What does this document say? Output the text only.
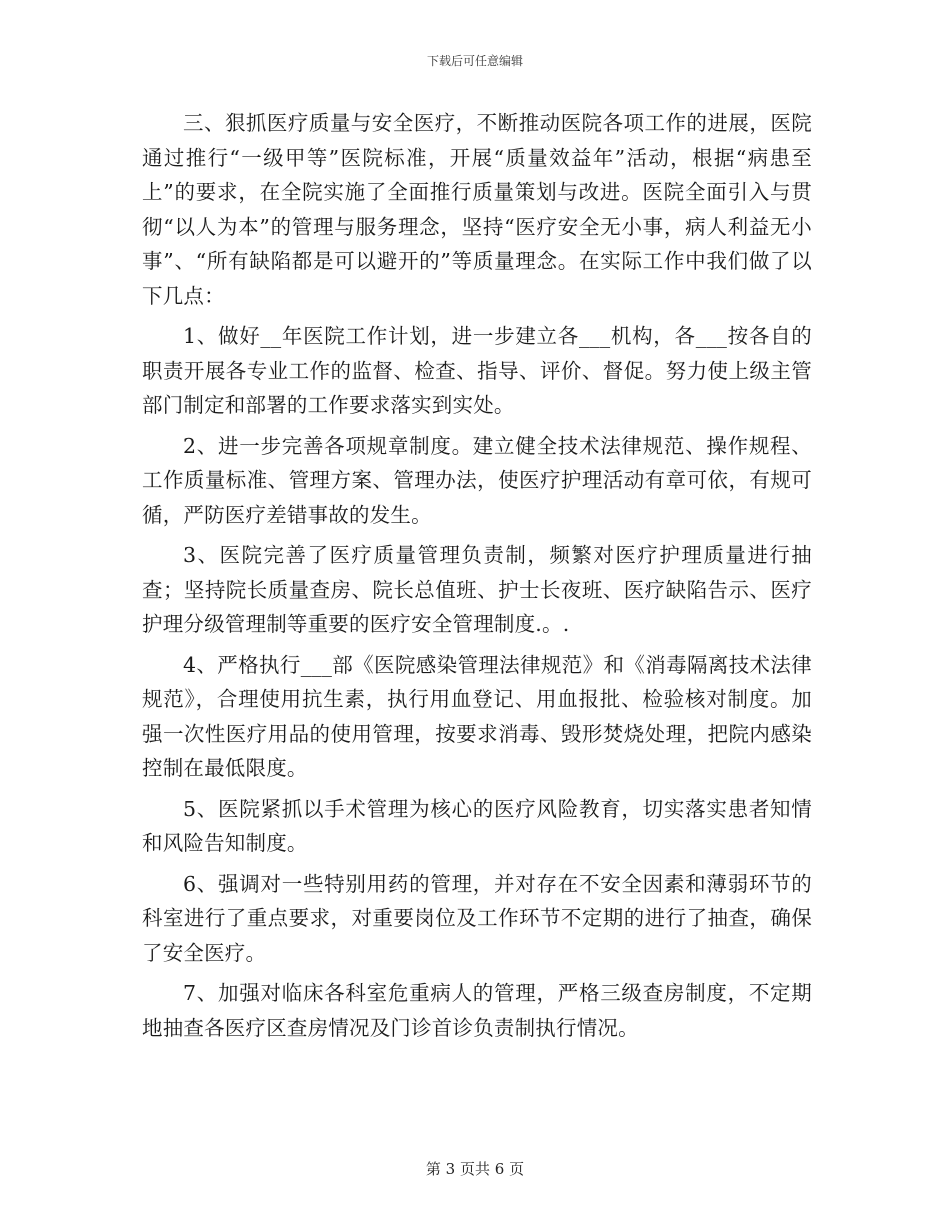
下载后可任意编辑

三、狠抓医疗质量与安全医疗，不断推动医院各项工作的进展，医院通过推行“一级甲等”医院标准，开展“质量效益年”活动，根据“病患至上”的要求，在全院实施了全面推行质量策划与改进。医院全面引入与贯彻“以人为本”的管理与服务理念，坚持“医疗安全无小事，病人利益无小事”、“所有缺陷都是可以避开的”等质量理念。在实际工作中我们做了以下几点：

1、做好__年医院工作计划，进一步建立各___机构，各___按各自的职责开展各专业工作的监督、检查、指导、评价、督促。努力使上级主管部门制定和部署的工作要求落实到实处。

2、进一步完善各项规章制度。建立健全技术法律规范、操作规程、工作质量标准、管理方案、管理办法，使医疗护理活动有章可依，有规可循，严防医疗差错事故的发生。

3、医院完善了医疗质量管理负责制，频繁对医疗护理质量进行抽查；坚持院长质量查房、院长总值班、护士长夜班、医疗缺陷告示、医疗护理分级管理制等重要的医疗安全管理制度.。.

4、严格执行___部《医院感染管理法律规范》和《消毒隔离技术法律规范》，合理使用抗生素，执行用血登记、用血报批、检验核对制度。加强一次性医疗用品的使用管理，按要求消毒、毁形焚烧处理，把院内感染控制在最低限度。

5、医院紧抓以手术管理为核心的医疗风险教育，切实落实患者知情和风险告知制度。

6、强调对一些特别用药的管理，并对存在不安全因素和薄弱环节的科室进行了重点要求，对重要岗位及工作环节不定期的进行了抽查，确保了安全医疗。

7、加强对临床各科室危重病人的管理，严格三级查房制度，不定期地抽查各医疗区查房情况及门诊首诊负责制执行情况。

第 3 页共 6 页
